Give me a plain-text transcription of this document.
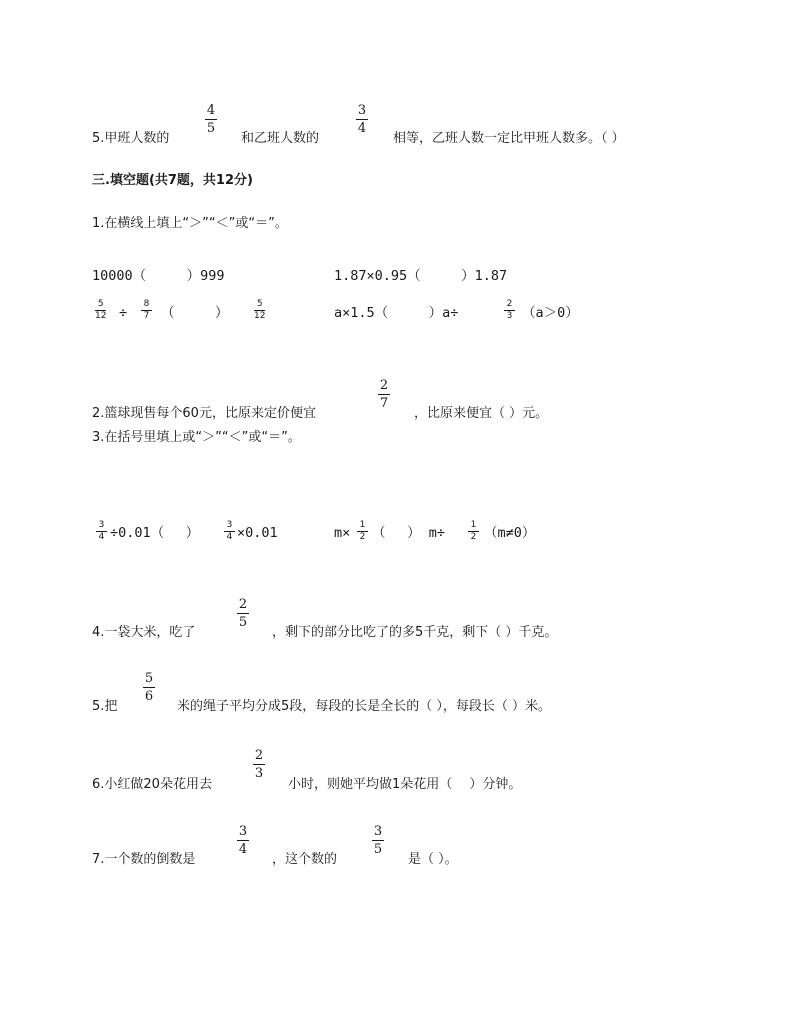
5.甲班人数的
4
5
和乙班人数的
3
4
相等，乙班人数一定比甲班人数多。（ ）
三.填空题(共7题，共12分)
1.在横线上填上“＞”“＜”或“＝”。
10000（　　　）999	1.87×0.95（　　　）1.87
5
12 ÷
8
7 （　　　）
5
12	a×1.5（　　　）a÷
2
3 （a＞0）
2
7
2.篮球现售每个60元，比原来定价便宜	，比原来便宜（ ）元。
3.在括号里填上或“＞”“＜”或“＝”。
3
4 ÷0.01（　 ）	3
4 ×0.01	m× 1
2 （　 ） m÷	1
2 （m≠0）
4.一袋大米，吃了
2
5
，剩下的部分比吃了的多5千克，剩下（ ）千克。
5.把
5
6
米的绳子平均分成5段，每段的长是全长的（ ），每段长（ ）米。
6.小红做20朵花用去
2
3
小时，则她平均做1朵花用（　 ）分钟。
7.一个数的倒数是
3
4
，这个数的
3
5
是（ ）。
